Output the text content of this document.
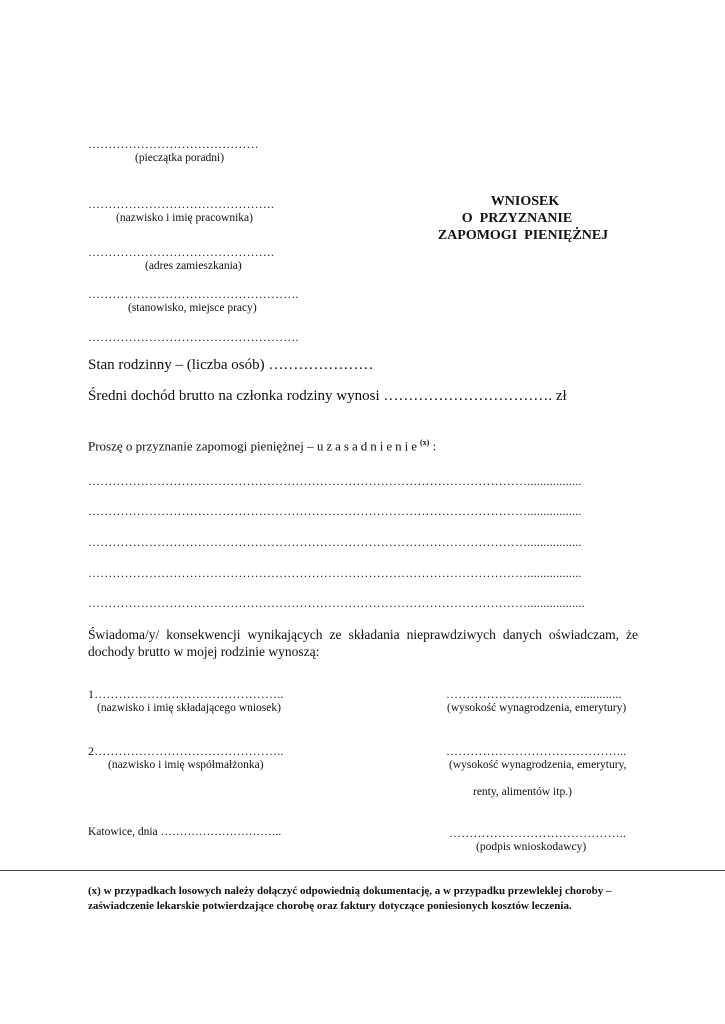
……………………………………
(pieczątka poradni)
……………………………………….
(nazwisko i imię pracownika)
……………………………………….
(adres zamieszkania)
…………………………………………….
(stanowisko, miejsce pracy)
…………………………………………….
WNIOSEK
O  PRZYZNANIE
ZAPOMOGI  PIENIĘŻNEJ
Stan rodzinny – (liczba osób) …………………
Średni dochód brutto na członka rodziny wynosi ……………………………. zł
Proszę o przyznanie zapomogi pieniężnej – uzasadnienie$^{(x)}$ :
……………………………………………………………………………………………….................
……………………………………………………………………………………………….................
……………………………………………………………………………………………….................
……………………………………………………………………………………………….................
………………………………………………………………………………………………..................
Świadoma/y/ konsekwencji wynikających ze składania nieprawdziwych danych oświadczam, że dochody brutto w mojej rodzinie wynoszą:
1………………………………………..
(nazwisko i imię składającego wniosek)
…………………………….............
(wysokość wynagrodzenia, emerytury)
2………………………………………..
(nazwisko i imię współmałżonka)
……………………………………...
(wysokość wynagrodzenia, emerytury,
renty, alimentów itp.)
Katowice, dnia …………………………..	……………………………………..
(podpis wnioskodawcy)
(x) w przypadkach losowych należy dołączyć odpowiednią dokumentację, a w przypadku przewlekłej choroby – zaświadczenie lekarskie potwierdzające chorobę oraz faktury dotyczące poniesionych kosztów leczenia.
